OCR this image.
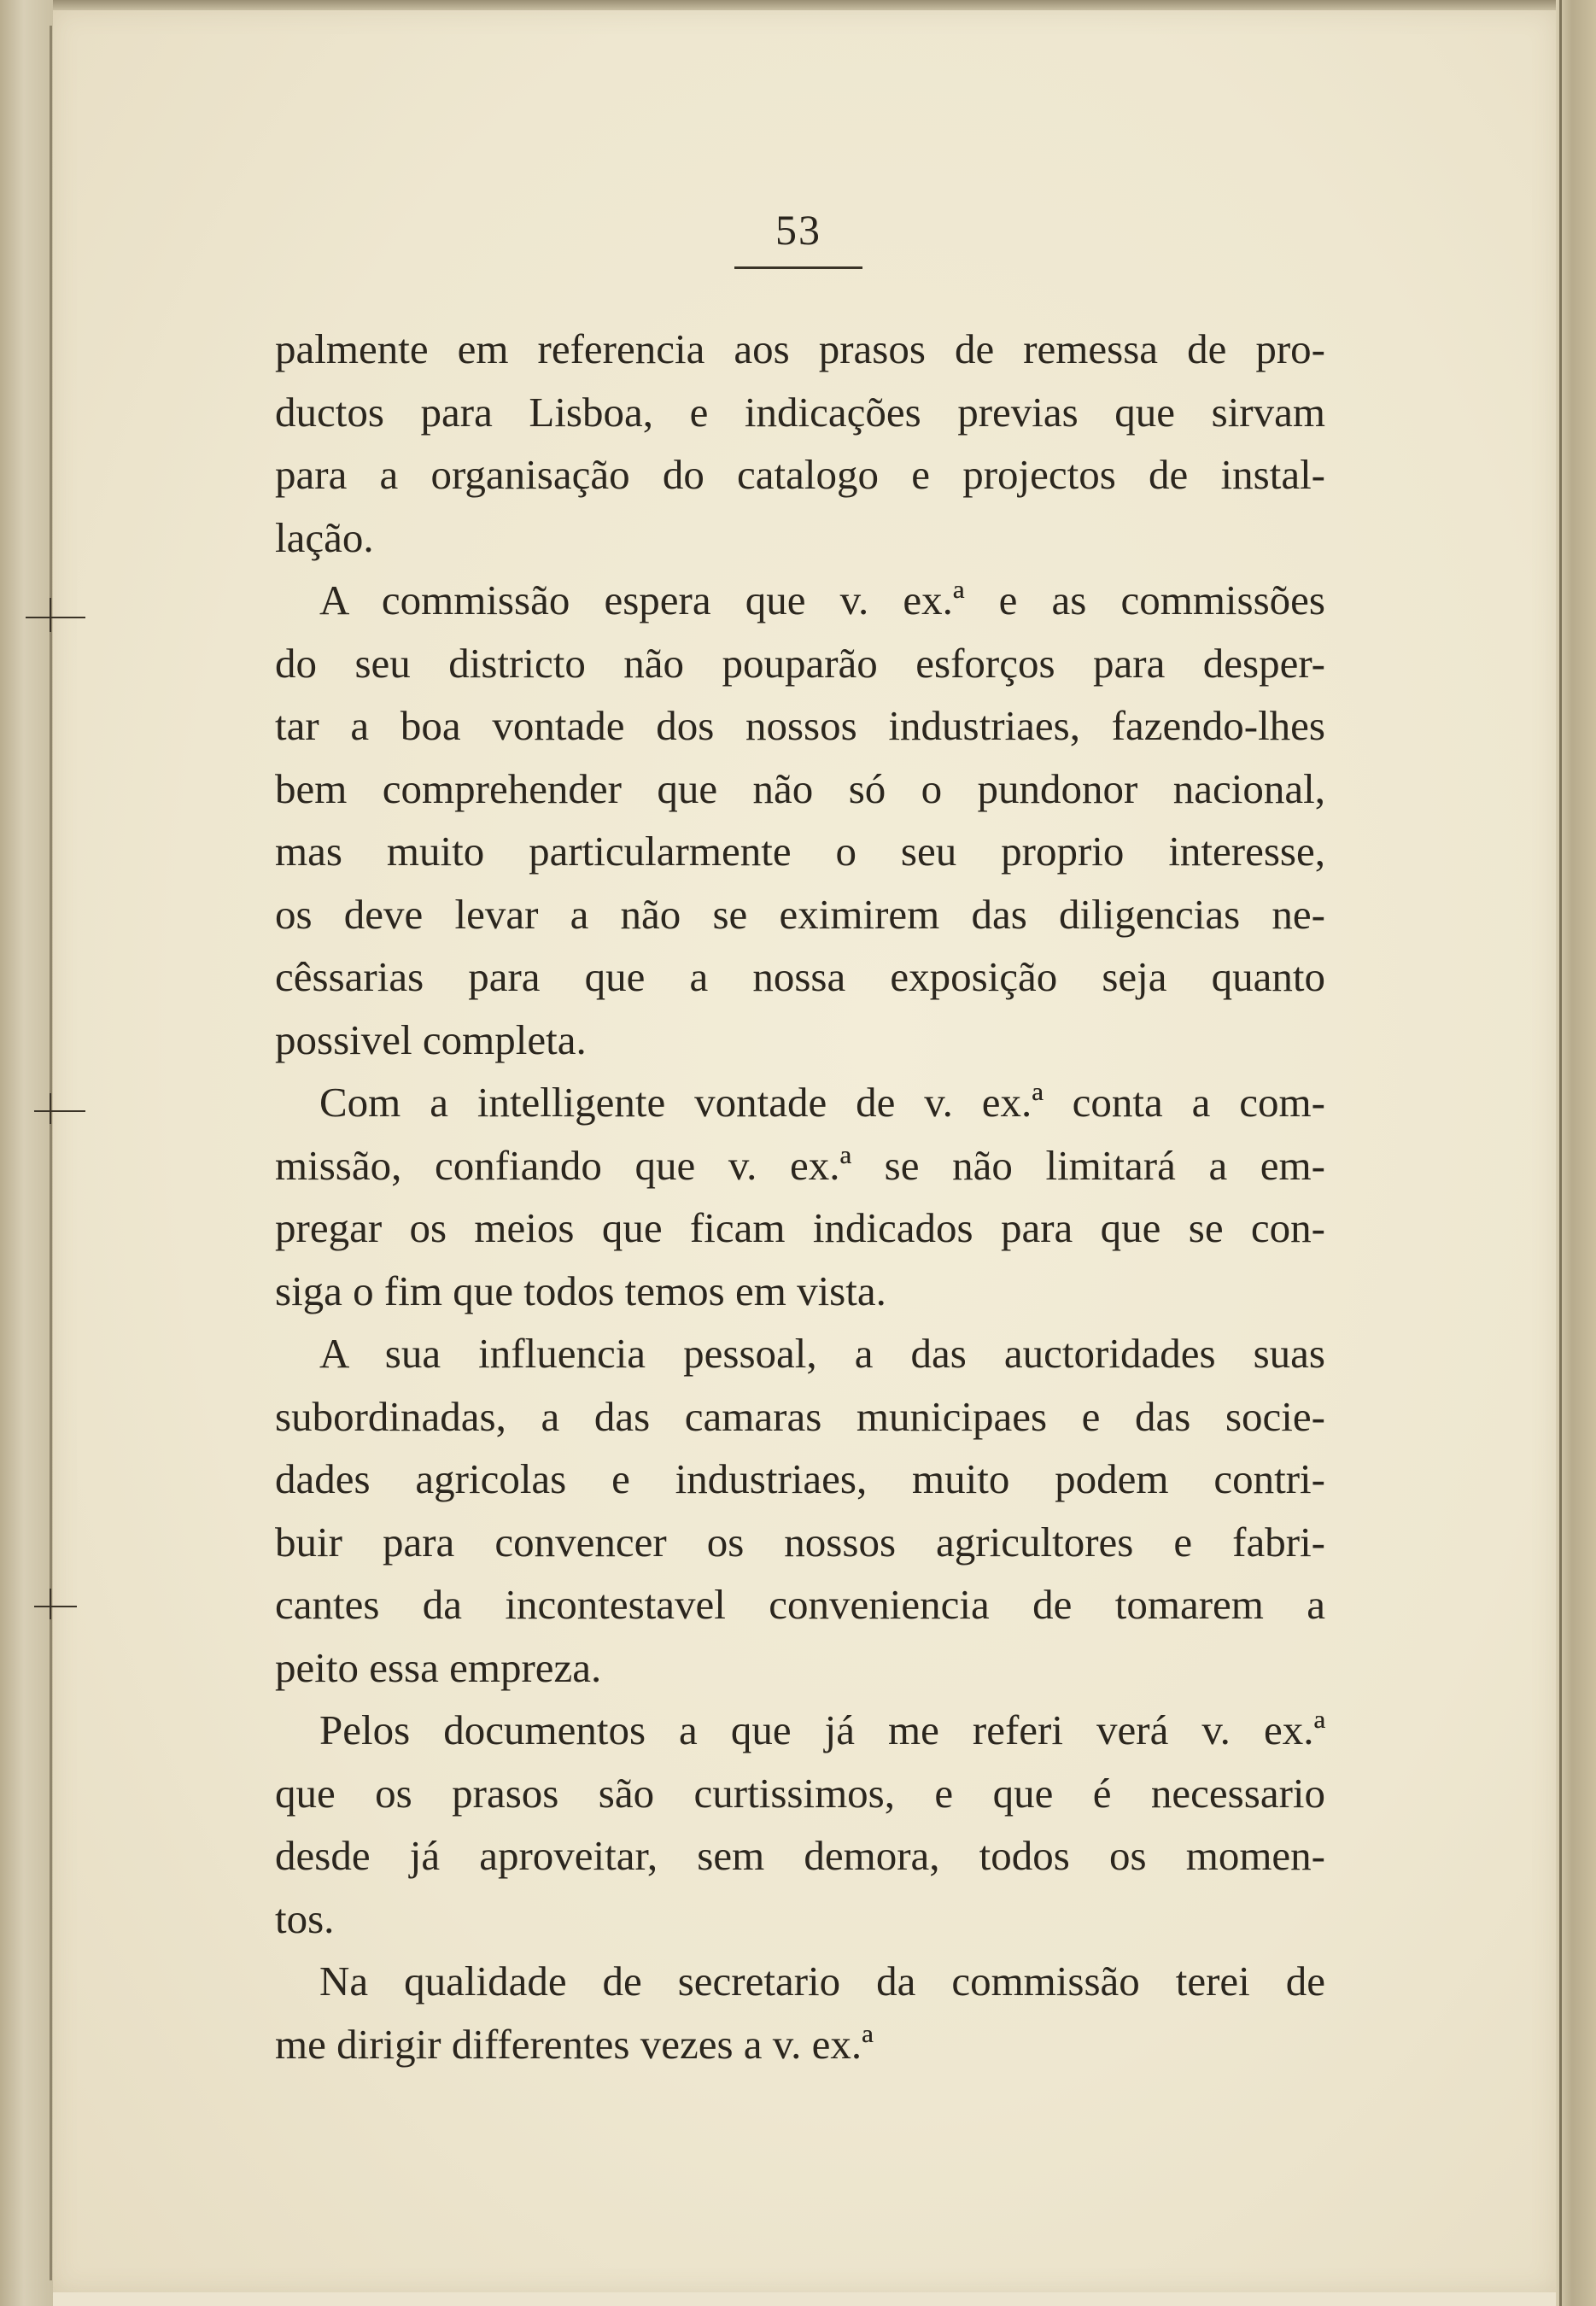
53
palmente em referencia aos prasos de remessa de pro-
ductos para Lisboa, e indicações previas que sirvam
para a organisação do catalogo e projectos de instal-
lação.
A commissão espera que v. ex.ª e as commissões
do seu districto não pouparão esforços para desper-
tar a boa vontade dos nossos industriaes, fazendo-lhes
bem comprehender que não só o pundonor nacional,
mas muito particularmente o seu proprio interesse,
os deve levar a não se eximirem das diligencias ne-
cêssarias para que a nossa exposição seja quanto
possivel completa.
Com a intelligente vontade de v. ex.ª conta a com-
missão, confiando que v. ex.ª se não limitará a em-
pregar os meios que ficam indicados para que se con-
siga o fim que todos temos em vista.
A sua influencia pessoal, a das auctoridades suas
subordinadas, a das camaras municipaes e das socie-
dades agricolas e industriaes, muito podem contri-
buir para convencer os nossos agricultores e fabri-
cantes da incontestavel conveniencia de tomarem a
peito essa empreza.
Pelos documentos a que já me referi verá v. ex.ª
que os prasos são curtissimos, e que é necessario
desde já aproveitar, sem demora, todos os momen-
tos.
Na qualidade de secretario da commissão terei de
me dirigir differentes vezes a v. ex.ª
